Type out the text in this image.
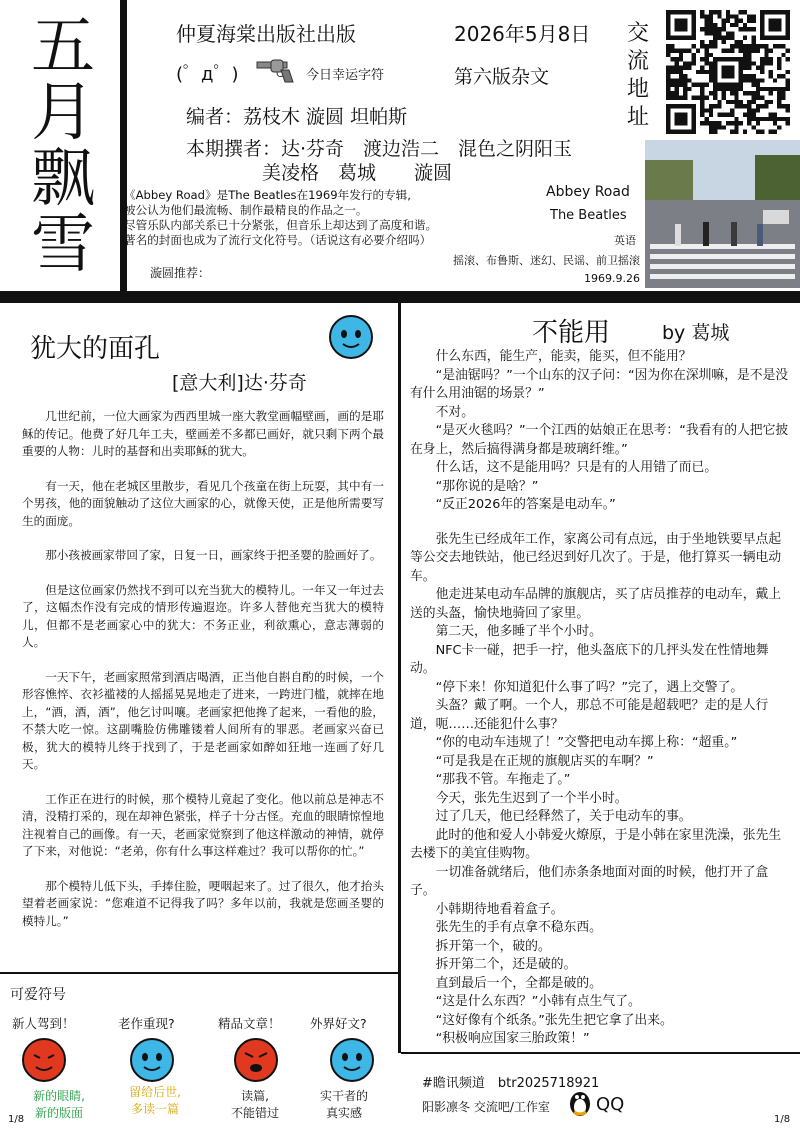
五
月
飘
雪
仲夏海棠出版社出版	2026年5月8日
(゜д゜)	今日幸运字符	第六版杂文
编者：荔枝木 漩圆 坦帕斯
本期撰者：达·芬奇　渡边浩二　混色之阴阳玉
美凌格　葛城　　漩圆
交
流
地
址
《Abbey Road》是The Beatles在1969年发行的专辑,
被公认为他们最流畅、制作最精良的作品之一。
尽管乐队内部关系已十分紧张，但音乐上却达到了高度和谐。
著名的封面也成为了流行文化符号。（话说这有必要介绍吗）
漩圆推荐：
Abbey Road
The Beatles
英语
摇滚、布鲁斯、迷幻、民谣、前卫摇滚
1969.9.26
犹大的面孔
[意大利]达·芬奇

几世纪前，一位大画家为西西里城一座大教堂画幅壁画，画的是耶稣的传记。他费了好几年工夫，壁画差不多都已画好，就只剩下两个最重要的人物：儿时的基督和出卖耶稣的犹大。

有一天，他在老城区里散步，看见几个孩童在街上玩耍，其中有一个男孩，他的面貌触动了这位大画家的心，就像天使，正是他所需要写生的面庞。

那小孩被画家带回了家，日复一日，画家终于把圣婴的脸画好了。

但是这位画家仍然找不到可以充当犹大的模特儿。一年又一年过去了，这幅杰作没有完成的情形传遍遐迩。许多人替他充当犹大的模特儿，但都不是老画家心中的犹大：不务正业，利欲熏心，意志薄弱的人。

一天下午，老画家照常到酒店喝酒，正当他自斟自酌的时候，一个形容憔悴、衣衫褴褛的人摇摇晃晃地走了进来，一跨进门槛，就摔在地上，“酒，酒，酒”，他乞讨叫嚷。老画家把他搀了起来，一看他的脸，不禁大吃一惊。这副嘴脸仿佛雕镂着人间所有的罪恶。老画家兴奋已极，犹大的模特儿终于找到了，于是老画家如醉如狂地一连画了好几天。

工作正在进行的时候，那个模特儿竟起了变化。他以前总是神志不清，没精打采的，现在却神色紧张，样子十分古怪。充血的眼睛惊惶地注视着自己的画像。有一天，老画家觉察到了他这样激动的神情，就停了下来，对他说：“老弟，你有什么事这样难过？我可以帮你的忙。”

那个模特儿低下头，手捧住脸，哽咽起来了。过了很久，他才抬头望着老画家说：“您难道不记得我了吗？多年以前，我就是您画圣婴的模特儿。”

不能用	by 葛城

什么东西，能生产，能卖，能买，但不能用？

“是油锯吗？”一个山东的汉子问：“因为你在深圳嘛，是不是没有什么用油锯的场景？”

不对。

“是灭火毯吗？”一个江西的姑娘正在思考：“我看有的人把它披在身上，然后搞得满身都是玻璃纤维。”

什么话，这不是能用吗？只是有的人用错了而已。

“那你说的是啥？”

“反正2026年的答案是电动车。”

张先生已经成年工作，家离公司有点远，由于坐地铁要早点起等公交去地铁站，他已经迟到好几次了。于是，他打算买一辆电动车。

他走进某电动车品牌的旗舰店，买了店员推荐的电动车，戴上送的头盔，愉快地骑回了家里。

第二天，他多睡了半个小时。

NFC卡一碰，把手一拧，他头盔底下的几抨头发在性情地舞动。

“停下来！你知道犯什么事了吗？”完了，遇上交警了。

头盔？戴了啊。一个人，那总不可能是超载吧？走的是人行道，呃……还能犯什么事？

“你的电动车违规了！”交警把电动车掷上称：“超重。”

“可是我是在正规的旗舰店买的车啊？”

“那我不管。车拖走了。”

今天，张先生迟到了一个半小时。

过了几天，他已经释然了，关于电动车的事。

此时的他和爱人小韩爱火燎原，于是小韩在家里洗澡，张先生去楼下的美宜佳购物。

一切准备就绪后，他们赤条条地面对面的时候，他打开了盒子。

小韩期待地看着盒子。

张先生的手有点拿不稳东西。

拆开第一个，破的。

拆开第二个，还是破的。

直到最后一个，全都是破的。

“这是什么东西？”小韩有点生气了。

“这好像有个纸条。”张先生把它拿了出来。

“积极响应国家三胎政策！”

可爱符号
新人驾到！	老作重现?	精品文章！ 外界好文?
新的眼睛,
新的版面
留给后世,
多读一篇
读篇,
不能错过
实干者的
真实感
#瞻讯频道　btr2025718921
阳影凛冬 交流吧/工作室	QQ
1/8	1/8
